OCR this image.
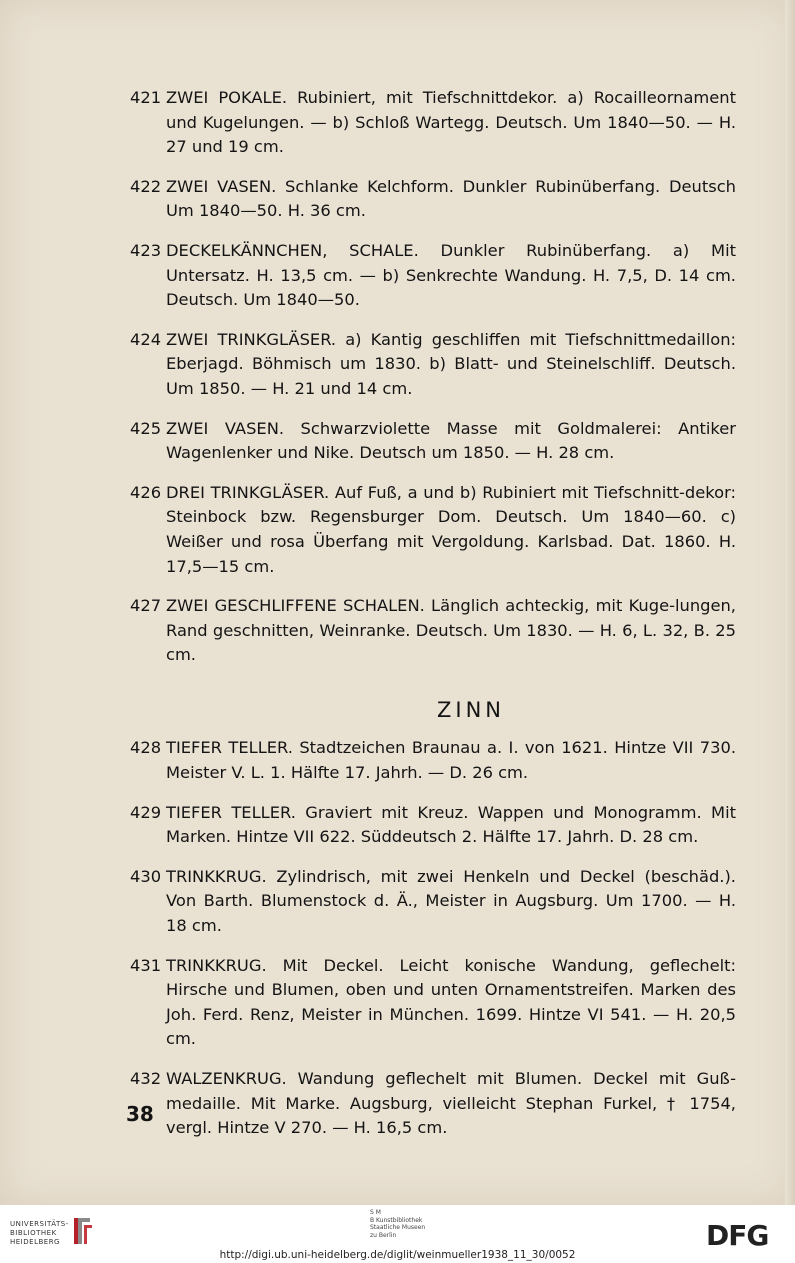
421 ZWEI POKALE. Rubiniert, mit Tiefschnittdekor. a) Rocailleornament und Kugelungen. — b) Schloß Wartegg. Deutsch. Um 1840—50. — H. 27 und 19 cm.
422 ZWEI VASEN. Schlanke Kelchform. Dunkler Rubinüberfang. Deutsch Um 1840—50. H. 36 cm.
423 DECKELKÄNNCHEN, SCHALE. Dunkler Rubinüberfang. a) Mit Untersatz. H. 13,5 cm. — b) Senkrechte Wandung. H. 7,5, D. 14 cm. Deutsch. Um 1840—50.
424 ZWEI TRINKGLÄSER. a) Kantig geschliffen mit Tiefschnittmedaillon: Eberjagd. Böhmisch um 1830. b) Blatt- und Steinelschliff. Deutsch. Um 1850. — H. 21 und 14 cm.
425 ZWEI VASEN. Schwarzviolette Masse mit Goldmalerei: Antiker Wagenlenker und Nike. Deutsch um 1850. — H. 28 cm.
426 DREI TRINKGLÄSER. Auf Fuß, a und b) Rubiniert mit Tiefschnitt-dekor: Steinbock bzw. Regensburger Dom. Deutsch. Um 1840—60. c) Weißer und rosa Überfang mit Vergoldung. Karlsbad. Dat. 1860. H. 17,5—15 cm.
427 ZWEI GESCHLIFFENE SCHALEN. Länglich achteckig, mit Kuge-lungen, Rand geschnitten, Weinranke. Deutsch. Um 1830. — H. 6, L. 32, B. 25 cm.
ZINN
428 TIEFER TELLER. Stadtzeichen Braunau a. I. von 1621. Hintze VII 730. Meister V. L. 1. Hälfte 17. Jahrh. — D. 26 cm.
429 TIEFER TELLER. Graviert mit Kreuz. Wappen und Monogramm. Mit Marken. Hintze VII 622. Süddeutsch 2. Hälfte 17. Jahrh. D. 28 cm.
430 TRINKKRUG. Zylindrisch, mit zwei Henkeln und Deckel (beschäd.). Von Barth. Blumenstock d. Ä., Meister in Augsburg. Um 1700. — H. 18 cm.
431 TRINKKRUG. Mit Deckel. Leicht konische Wandung, geflechelt: Hirsche und Blumen, oben und unten Ornamentstreifen. Marken des Joh. Ferd. Renz, Meister in München. 1699. Hintze VI 541. — H. 20,5 cm.
432 WALZENKRUG. Wandung geflechelt mit Blumen. Deckel mit Guß-medaille. Mit Marke. Augsburg, vielleicht Stephan Furkel, † 1754, vergl. Hintze V 270. — H. 16,5 cm.
38
UNIVERSITÄTS-
BIBLIOTHEK
HEIDELBERG
S M
B Kunstbibliothek
Staatliche Museen
zu Berlin	DFG
http://digi.ub.uni-heidelberg.de/diglit/weinmueller1938_11_30/0052
